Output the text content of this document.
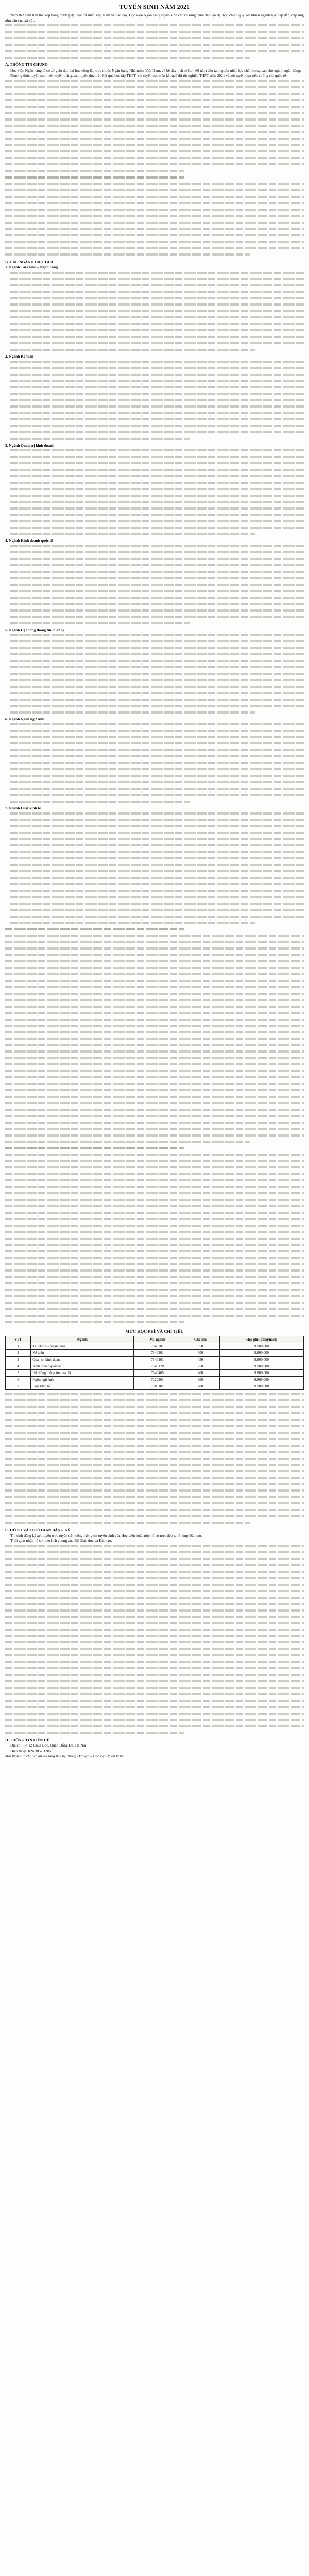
TUYỂN SINH NĂM 2021

Năm thứ năm liên tục xếp hạng trường đại học tốt nhất Việt Nam về đào tạo, Học viện Ngân hàng tuyển sinh các chương trình đào tạo đại học chính quy với nhiều ngành học hấp dẫn, đáp ứng nhu cầu của xã hội.

A. THÔNG TIN CHUNG

Học viện Ngân hàng là cơ sở giáo dục đại học công lập trực thuộc Ngân hàng Nhà nước Việt Nam, có bề dày lịch sử hơn 60 năm đào tạo nguồn nhân lực chất lượng cao cho ngành ngân hàng.

Phương thức tuyển sinh: xét tuyển thẳng, xét tuyển dựa trên kết quả học tập THPT, xét tuyển dựa trên kết quả thi tốt nghiệp THPT năm 2021 và xét tuyển dựa trên chứng chỉ quốc tế.

B. CÁC NGÀNH ĐÀO TẠO
1. Ngành Tài chính – Ngân hàng
2. Ngành Kế toán
3. Ngành Quản trị kinh doanh
4. Ngành Kinh doanh quốc tế
5. Ngành Hệ thống thông tin quản lý
6. Ngành Ngôn ngữ Anh
7. Ngành Luật kinh tế
MỨC HỌC PHÍ VÀ CHỈ TIÊU
STT	Ngành	Mã ngành	Chỉ tiêu	Học phí (đồng/năm)
1	Tài chính – Ngân hàng	7340201	950	9.800.000
2	Kế toán	7340301	600	9.800.000
3	Quản trị kinh doanh	7340101	450	9.800.000
4	Kinh doanh quốc tế	7340120	250	9.800.000
5	Hệ thống thông tin quản lý	7340405	200	9.800.000
6	Ngôn ngữ Anh	7220201	200	9.800.000
7	Luật kinh tế	7380107	200	9.800.000
C. HỒ SƠ VÀ THỜI GIAN ĐĂNG KÝ

Thí sinh đăng ký xét tuyển trực tuyến trên cổng thông tin tuyển sinh của Học viện hoặc nộp hồ sơ trực tiếp tại Phòng Đào tạo.

Thời gian nhận hồ sơ theo lịch chung của Bộ Giáo dục và Đào tạo.

D. THÔNG TIN LIÊN HỆ

Địa chỉ: Số 12 Chùa Bộc, Quận Đống Đa, Hà Nội

Điện thoại: 024.3852.1305

Mọi thông tin chi tiết xin vui lòng liên hệ Phòng Đào tạo – Học viện Ngân hàng.
